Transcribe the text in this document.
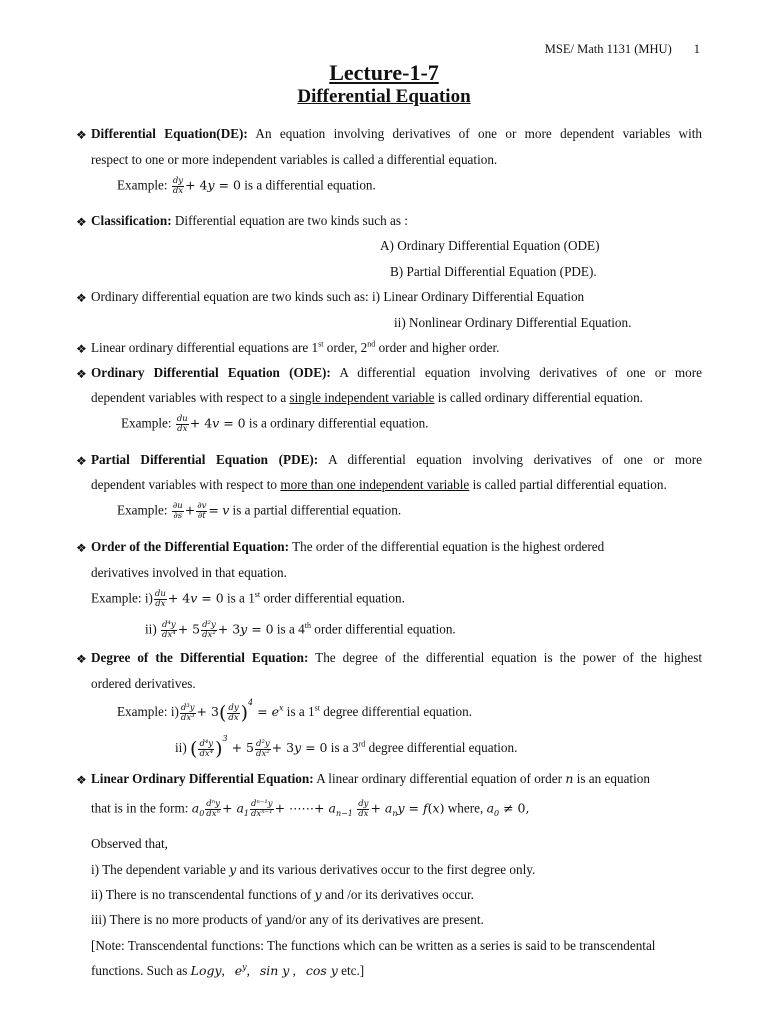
MSE/ Math 1131 (MHU) 1
Lecture-1-7
Differential Equation
❖ Differential Equation(DE): An equation involving derivatives of one or more dependent variables with
respect to one or more independent variables is called a differential equation.
Example: $\frac{dy}{dx} + 4y = 0$ is a differential equation.
❖ Classification: Differential equation are two kinds such as :
A) Ordinary Differential Equation (ODE)
B) Partial Differential Equation (PDE).
❖ Ordinary differential equation are two kinds such as: i) Linear Ordinary Differential Equation
ii) Nonlinear Ordinary Differential Equation.
❖ Linear ordinary differential equations are 1st order, 2nd order and higher order.
❖ Ordinary Differential Equation (ODE): A differential equation involving derivatives of one or more
dependent variables with respect to a single independent variable is called ordinary differential equation.
Example: $\frac{du}{dx} + 4v = 0$ is a ordinary differential equation.
❖ Partial Differential Equation (PDE): A differential equation involving derivatives of one or more
dependent variables with respect to more than one independent variable is called partial differential equation.
Example: $\frac{\partial u}{\partial s} + \frac{\partial v}{\partial t} = v$ is a partial differential equation.
❖ Order of the Differential Equation: The order of the differential equation is the highest ordered
derivatives involved in that equation.
Example: $i) \frac{du}{dx} + 4v = 0$ is a 1st order differential equation.
$ii) \frac{\text{d⁴y}}{\text{dx⁴}} + 5 \frac{\text{d²y}}{\text{dx²}} + 3y = 0$ is a 4th order differential equation.
❖ Degree of the Differential Equation: The degree of the differential equation is the power of the highest
ordered derivatives.
Example: $i) \frac{\text{d³y}}{\text{dx³}} + 3( \frac{dy}{dx} )^4 = e^x$ is a 1st degree differential equation.
ii) ( $\frac{\text{d⁴y}}{\text{dx⁴}} )^3 + 5 \frac{\text{d²y}}{\text{dx²}} + 3y = 0$ is a 3rd degree differential equation.
❖ Linear Ordinary Differential Equation: A linear ordinary differential equation of order n is an equation
that is in the form: $a_0 \frac{\text{dⁿy}}{\text{dxⁿ}} + a_1 \frac{\text{dⁿ⁻¹y}}{\text{dxⁿ⁻¹}}$ + ⋯⋯+ $a_{n-1} \frac{dy}{dx} + a_ny = f(x)$ where, $a_0 \ne 0$,
Observed that,
i) The dependent variable y and its various derivatives occur to the first degree only.
ii) There is no transcendental functions of y and /or its derivatives occur.
iii) There is no more products of yand/or any of its derivatives are present.
[Note: Transcendental functions: The functions which can be written as a series is said to be transcendental
functions. Such as Logy,   $e^y$,   sin y ,   cos y etc.]
